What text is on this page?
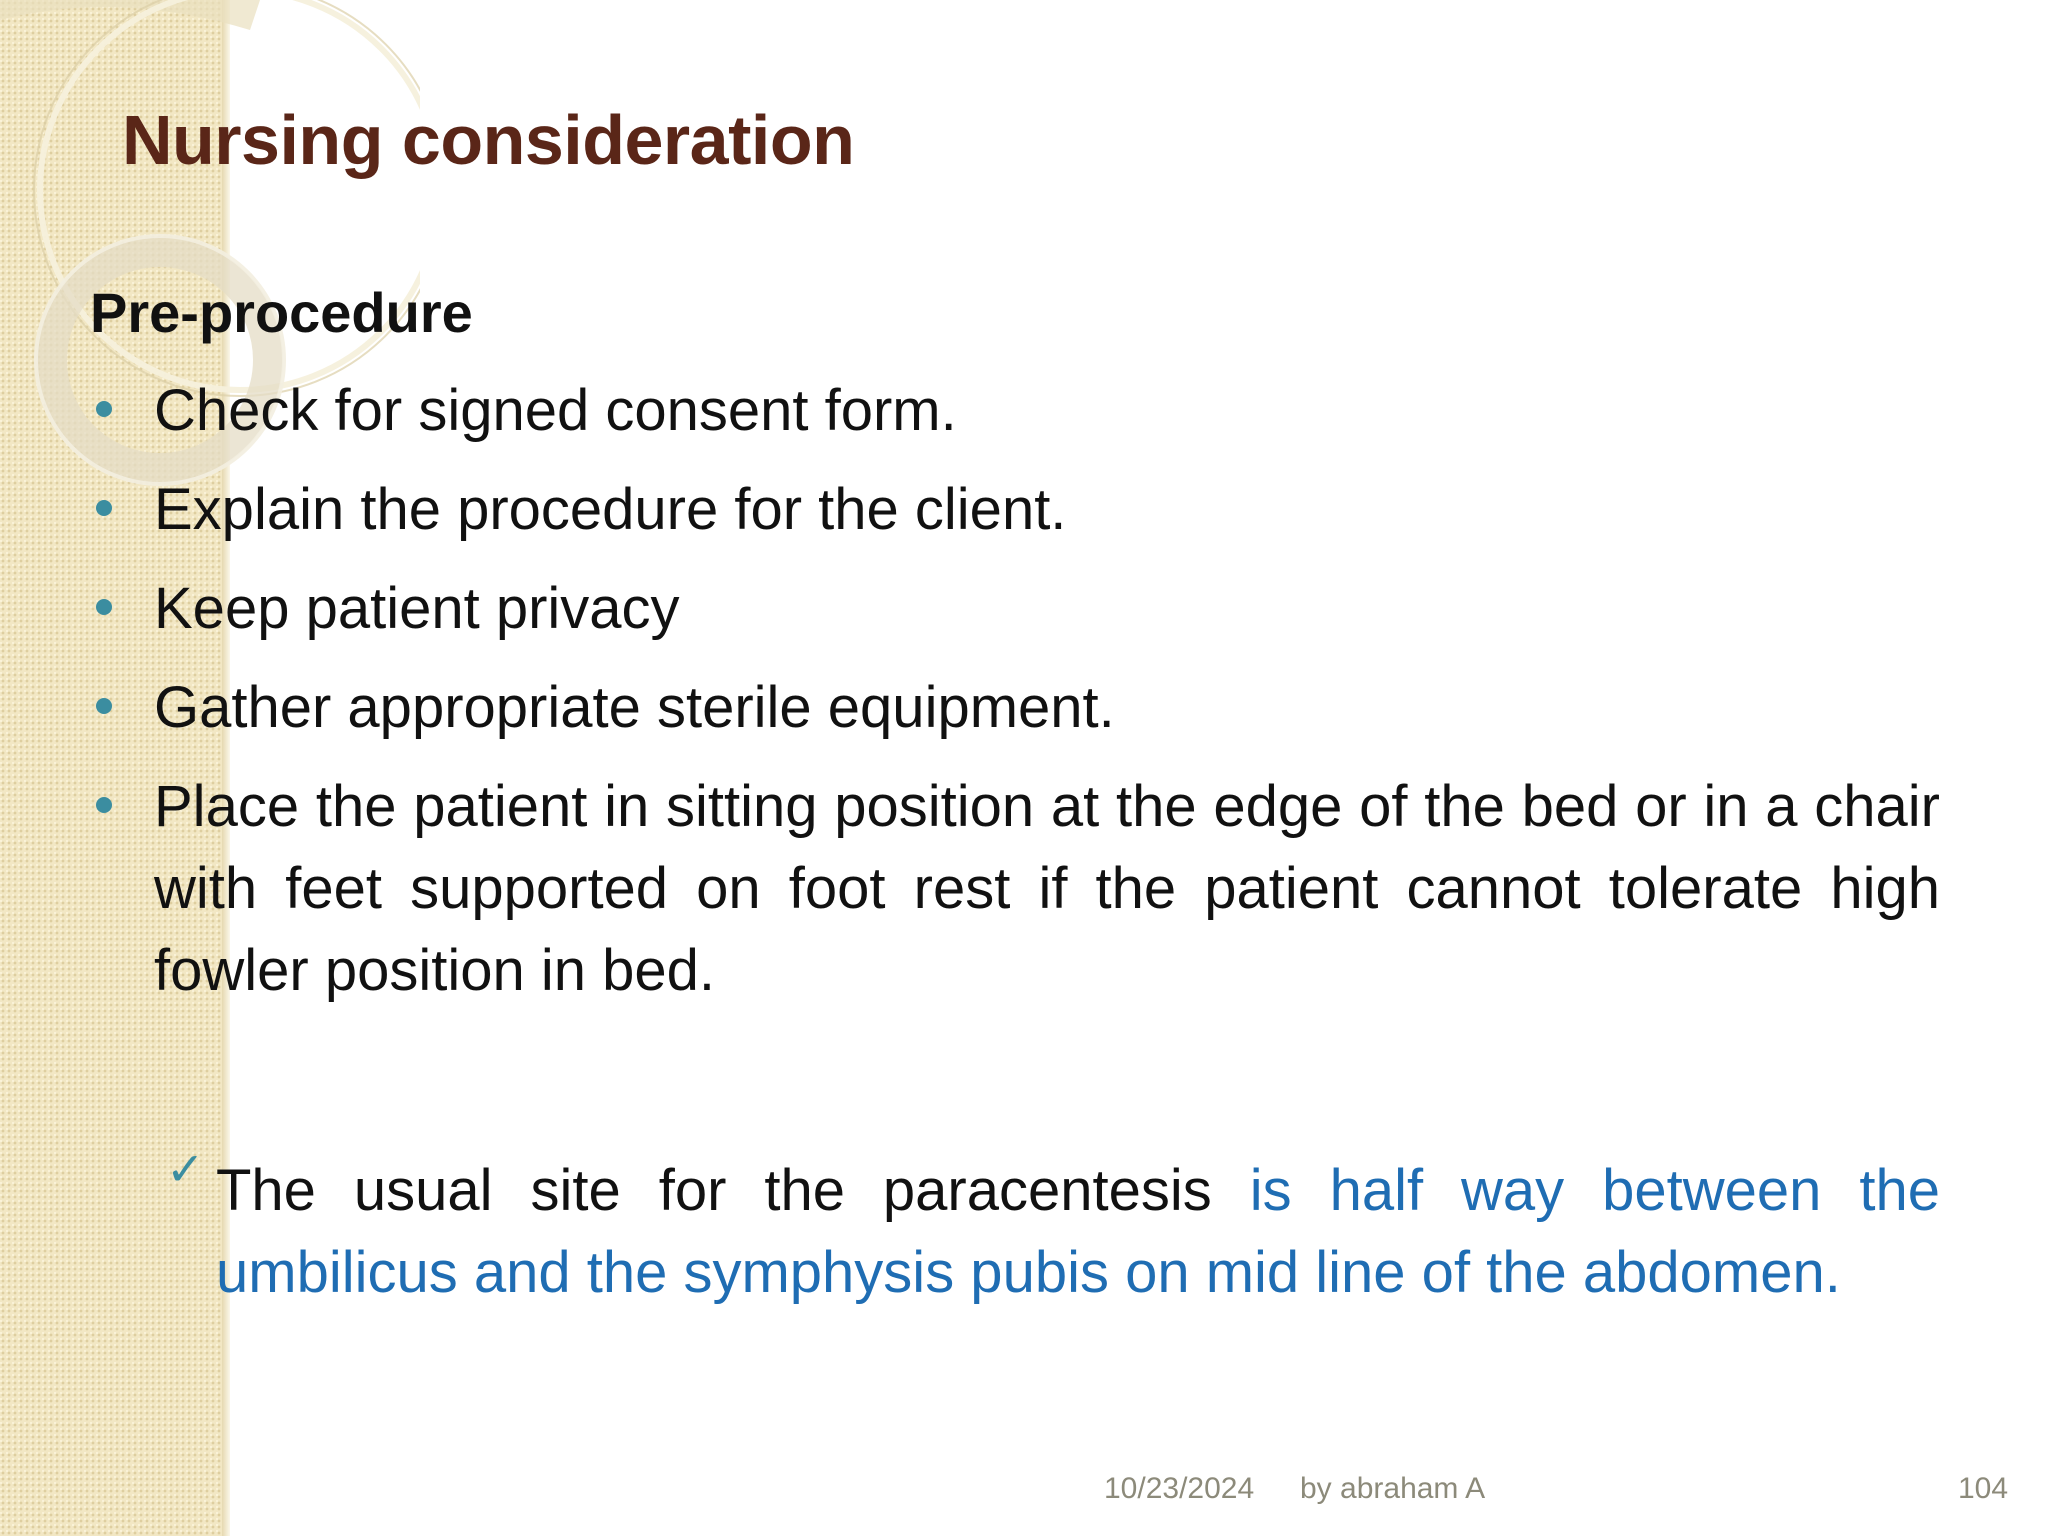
Nursing consideration
Pre-procedure
Check for signed consent form.
Explain the procedure for the client.
Keep patient privacy
Gather appropriate sterile equipment.
Place the patient in sitting position at the edge of the bed or in a chair with feet supported on foot rest if the patient cannot tolerate high fowler position in bed.
✓ The usual site for the paracentesis is half way between the umbilicus and the symphysis pubis on mid line of the abdomen.

10/23/2024 by abraham A	104
